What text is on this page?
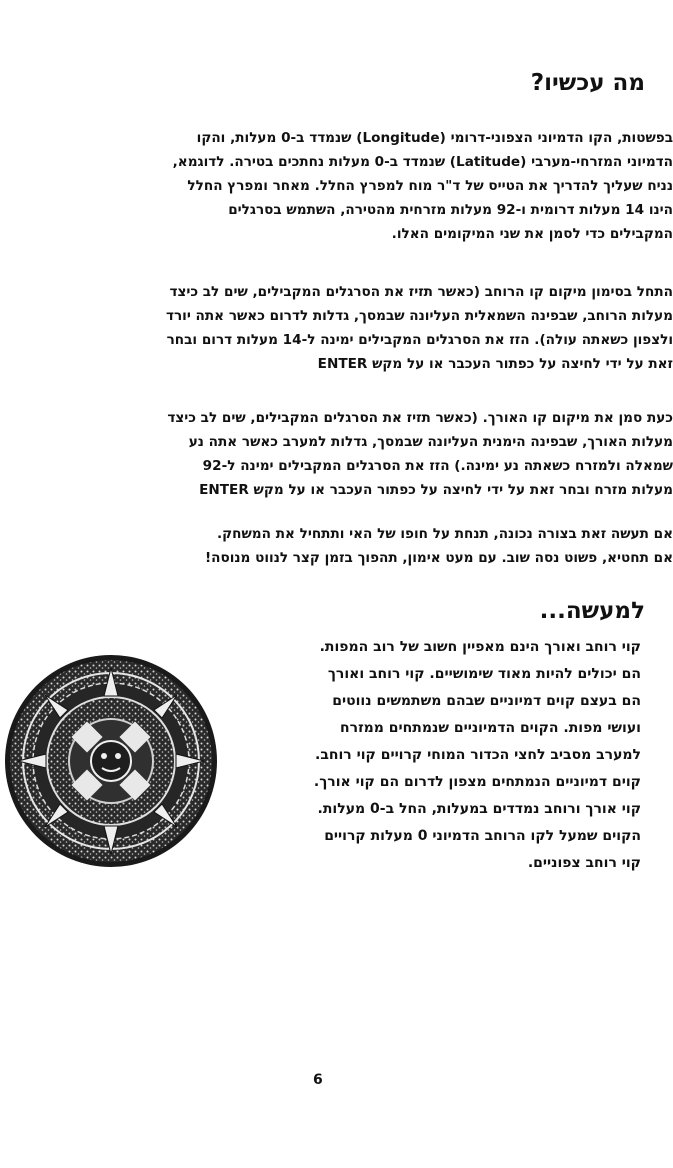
מה עכשיו?
בפשטות, הקו הדמיוני הצפוני-דרומי (Longitude) שנמדד ב-0 מעלות, והקו
הדמיוני המזרחי-מערבי (Latitude) שנמדד ב-0 מעלות נחתכים בטירה. לדוגמא,
נניח שעליך להדריך את הטייס של ד"ר מוח למפרץ החלל. מאחר ומפרץ החלל
הינו 14 מעלות דרומית ו-92 מעלות מזרחית מהטירה, השתמש בסרגלים
המקבילים כדי לסמן את שני המיקומים האלו.
התחל בסימון מיקום קו הרוחב (כאשר תזיז את הסרגלים המקבילים, שים לב כיצד
מעלות הרוחב, שבפינה השמאלית העליונה שבמסך, גדלות לדרום כאשר אתה יורד
ולצפון כשאתה עולה). הזז את הסרגלים המקבילים ימינה ל-14 מעלות דרום ובחר
זאת על ידי לחיצה על כפתור העכבר או על מקש ENTER
כעת סמן את מיקום קו האורך. (כאשר תזיז את הסרגלים המקבילים, שים לב כיצד
מעלות האורך, שבפינה הימנית העליונה שבמסך, גדלות למערב כאשר אתה נע
שמאלה ולמזרח כשאתה נע ימינה.) הזז את הסרגלים המקבילים ימינה ל-92
מעלות מזרח ובחר זאת על ידי לחיצה על כפתור העכבר או על מקש ENTER
אם תעשה זאת בצורה נכונה, תנחת על חופו של האי ותתחיל את המשחק.
אם תחטיא, פשוט נסה שוב. עם מעט אימון, תהפוך בזמן קצר לנווט מנוסה!
למעשה...
קוי רוחב ואורך הינם מאפיין חשוב של רוב המפות.
הם יכולים להיות מאוד שימושיים. קוי רוחב ואורך
הם בעצם קוים דמיוניים שבהם משתמשים נווטים
ועושי מפות. הקוים הדמיוניים שנמתחים ממזרח
למערב מסביב לחצי הכדור המוחי קרויים קוי רוחב.
קוים דמיוניים הנמתחים מצפון לדרום הם קוי אורך.
קוי אורך ורוחב נמדדים במעלות, החל ב-0 מעלות.
הקוים שמעל לקו הרוחב הדמיוני 0 מעלות קרויים
קוי רוחב צפוניים.
6
